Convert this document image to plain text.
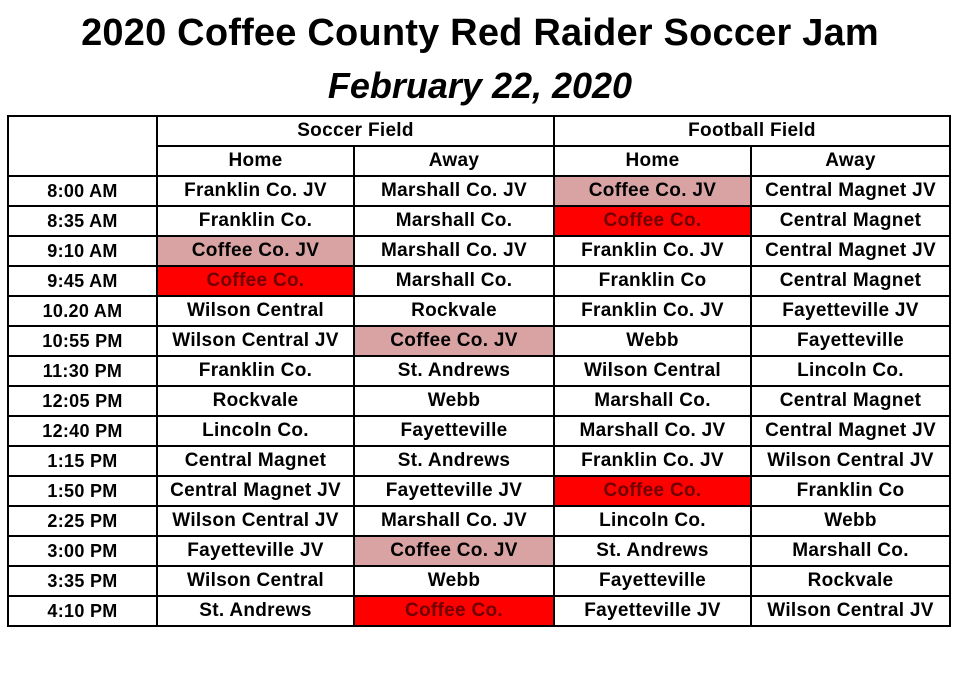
2020 Coffee County Red Raider Soccer Jam
February 22, 2020
	Soccer Field		Football Field	
	Home	Away	Home	Away
8:00 AM	Franklin Co. JV	Marshall Co. JV	Coffee Co. JV	Central Magnet JV
8:35 AM	Franklin Co.	Marshall Co.	Coffee Co.	Central Magnet
9:10 AM	Coffee Co. JV	Marshall Co. JV	Franklin Co. JV	Central Magnet JV
9:45 AM	Coffee Co.	Marshall Co.	Franklin Co	Central Magnet
10.20 AM	Wilson Central	Rockvale	Franklin Co. JV	Fayetteville JV
10:55 PM	Wilson Central JV	Coffee Co. JV	Webb	Fayetteville
11:30 PM	Franklin Co.	St. Andrews	Wilson Central	Lincoln Co.
12:05 PM	Rockvale	Webb	Marshall Co.	Central Magnet
12:40 PM	Lincoln Co.	Fayetteville	Marshall Co. JV	Central Magnet JV
1:15 PM	Central Magnet	St. Andrews	Franklin Co. JV	Wilson Central JV
1:50 PM	Central Magnet JV	Fayetteville JV	Coffee Co.	Franklin Co
2:25 PM	Wilson Central JV	Marshall Co. JV	Lincoln Co.	Webb
3:00 PM	Fayetteville JV	Coffee Co. JV	St. Andrews	Marshall Co.
3:35 PM	Wilson Central	Webb	Fayetteville	Rockvale
4:10 PM	St. Andrews	Coffee Co.	Fayetteville JV	Wilson Central JV
